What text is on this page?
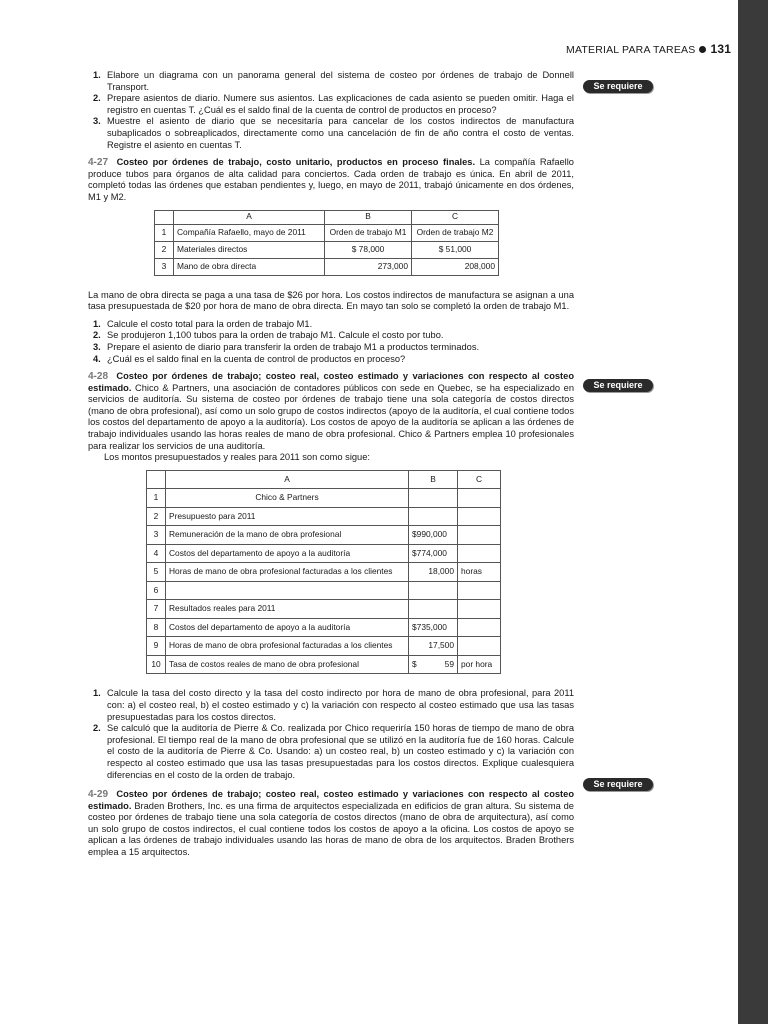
MATERIAL PARA TAREAS 131
Se requiere
Se requiere
Se requiere
1. Elabore un diagrama con un panorama general del sistema de costeo por órdenes de trabajo de Donnell Transport.
2. Prepare asientos de diario. Numere sus asientos. Las explicaciones de cada asiento se pueden omitir. Haga el registro en cuentas T. ¿Cuál es el saldo final de la cuenta de control de productos en proceso?
3. Muestre el asiento de diario que se necesitaría para cancelar de los costos indirectos de manufactura subaplicados o sobreaplicados, directamente como una cancelación de fin de año contra el costo de ventas. Registre el asiento en cuentas T.

4-27 Costeo por órdenes de trabajo, costo unitario, productos en proceso finales. La compañía Rafaello produce tubos para órganos de alta calidad para conciertos. Cada orden de trabajo es única. En abril de 2011, completó todas las órdenes que estaban pendientes y, luego, en mayo de 2011, trabajó únicamente en dos órdenes, M1 y M2.

	A	B	C
1	Compañía Rafaello, mayo de 2011	Orden de trabajo M1	Orden de trabajo M2
2	Materiales directos	$ 78,000	$ 51,000
3	Mano de obra directa	273,000	208,000

La mano de obra directa se paga a una tasa de $26 por hora. Los costos indirectos de manufactura se asignan a una tasa presupuestada de $20 por hora de mano de obra directa. En mayo tan solo se completó la orden de trabajo M1.

1. Calcule el costo total para la orden de trabajo M1.
2. Se produjeron 1,100 tubos para la orden de trabajo M1. Calcule el costo por tubo.
3. Prepare el asiento de diario para transferir la orden de trabajo M1 a productos terminados.
4. ¿Cuál es el saldo final en la cuenta de control de productos en proceso?

4-28 Costeo por órdenes de trabajo; costeo real, costeo estimado y variaciones con respecto al costeo estimado. Chico & Partners, una asociación de contadores públicos con sede en Quebec, se ha especializado en servicios de auditoría. Su sistema de costeo por órdenes de trabajo tiene una sola categoría de costos directos (mano de obra profesional), así como un solo grupo de costos indirectos (apoyo de la auditoría, el cual contiene todos los costos del departamento de apoyo a la auditoría). Los costos de apoyo de la auditoría se aplican a las órdenes de trabajo individuales usando las horas reales de mano de obra profesional. Chico & Partners emplea 10 profesionales para realizar los servicios de una auditoría.

Los montos presupuestados y reales para 2011 son como sigue:

	A	B	C
1	Chico & Partners		
2	Presupuesto para 2011		
3	Remuneración de la mano de obra profesional	$990,000	
4	Costos del departamento de apoyo a la auditoría	$774,000	
5	Horas de mano de obra profesional facturadas a los clientes	18,000	horas
6			
7	Resultados reales para 2011		
8	Costos del departamento de apoyo a la auditoría	$735,000	
9	Horas de mano de obra profesional facturadas a los clientes	17,500	
10	Tasa de costos reales de mano de obra profesional	$ 59	por hora
1. Calcule la tasa del costo directo y la tasa del costo indirecto por hora de mano de obra profesional, para 2011 con: a) el costeo real, b) el costeo estimado y c) la variación con respecto al costeo estimado que usa las tasas presupuestadas para los costos directos.
2. Se calculó que la auditoría de Pierre & Co. realizada por Chico requeriría 150 horas de tiempo de mano de obra profesional. El tiempo real de la mano de obra profesional que se utilizó en la auditoría fue de 160 horas. Calcule el costo de la auditoría de Pierre & Co. Usando: a) un costeo real, b) un costeo estimado y c) la variación con respecto al costeo estimado que usa las tasas presupuestadas para los costos directos. Explique cualesquiera diferencias en el costo de la orden de trabajo.

4-29 Costeo por órdenes de trabajo; costeo real, costeo estimado y variaciones con respecto al costeo estimado. Braden Brothers, Inc. es una firma de arquitectos especializada en edificios de gran altura. Su sistema de costeo por órdenes de trabajo tiene una sola categoría de costos directos (mano de obra de arquitectura), así como un solo grupo de costos indirectos, el cual contiene todos los costos de apoyo a la oficina. Los costos de apoyo se aplican a las órdenes de trabajo individuales usando las horas de mano de obra de los arquitectos. Braden Brothers emplea a 15 arquitectos.
